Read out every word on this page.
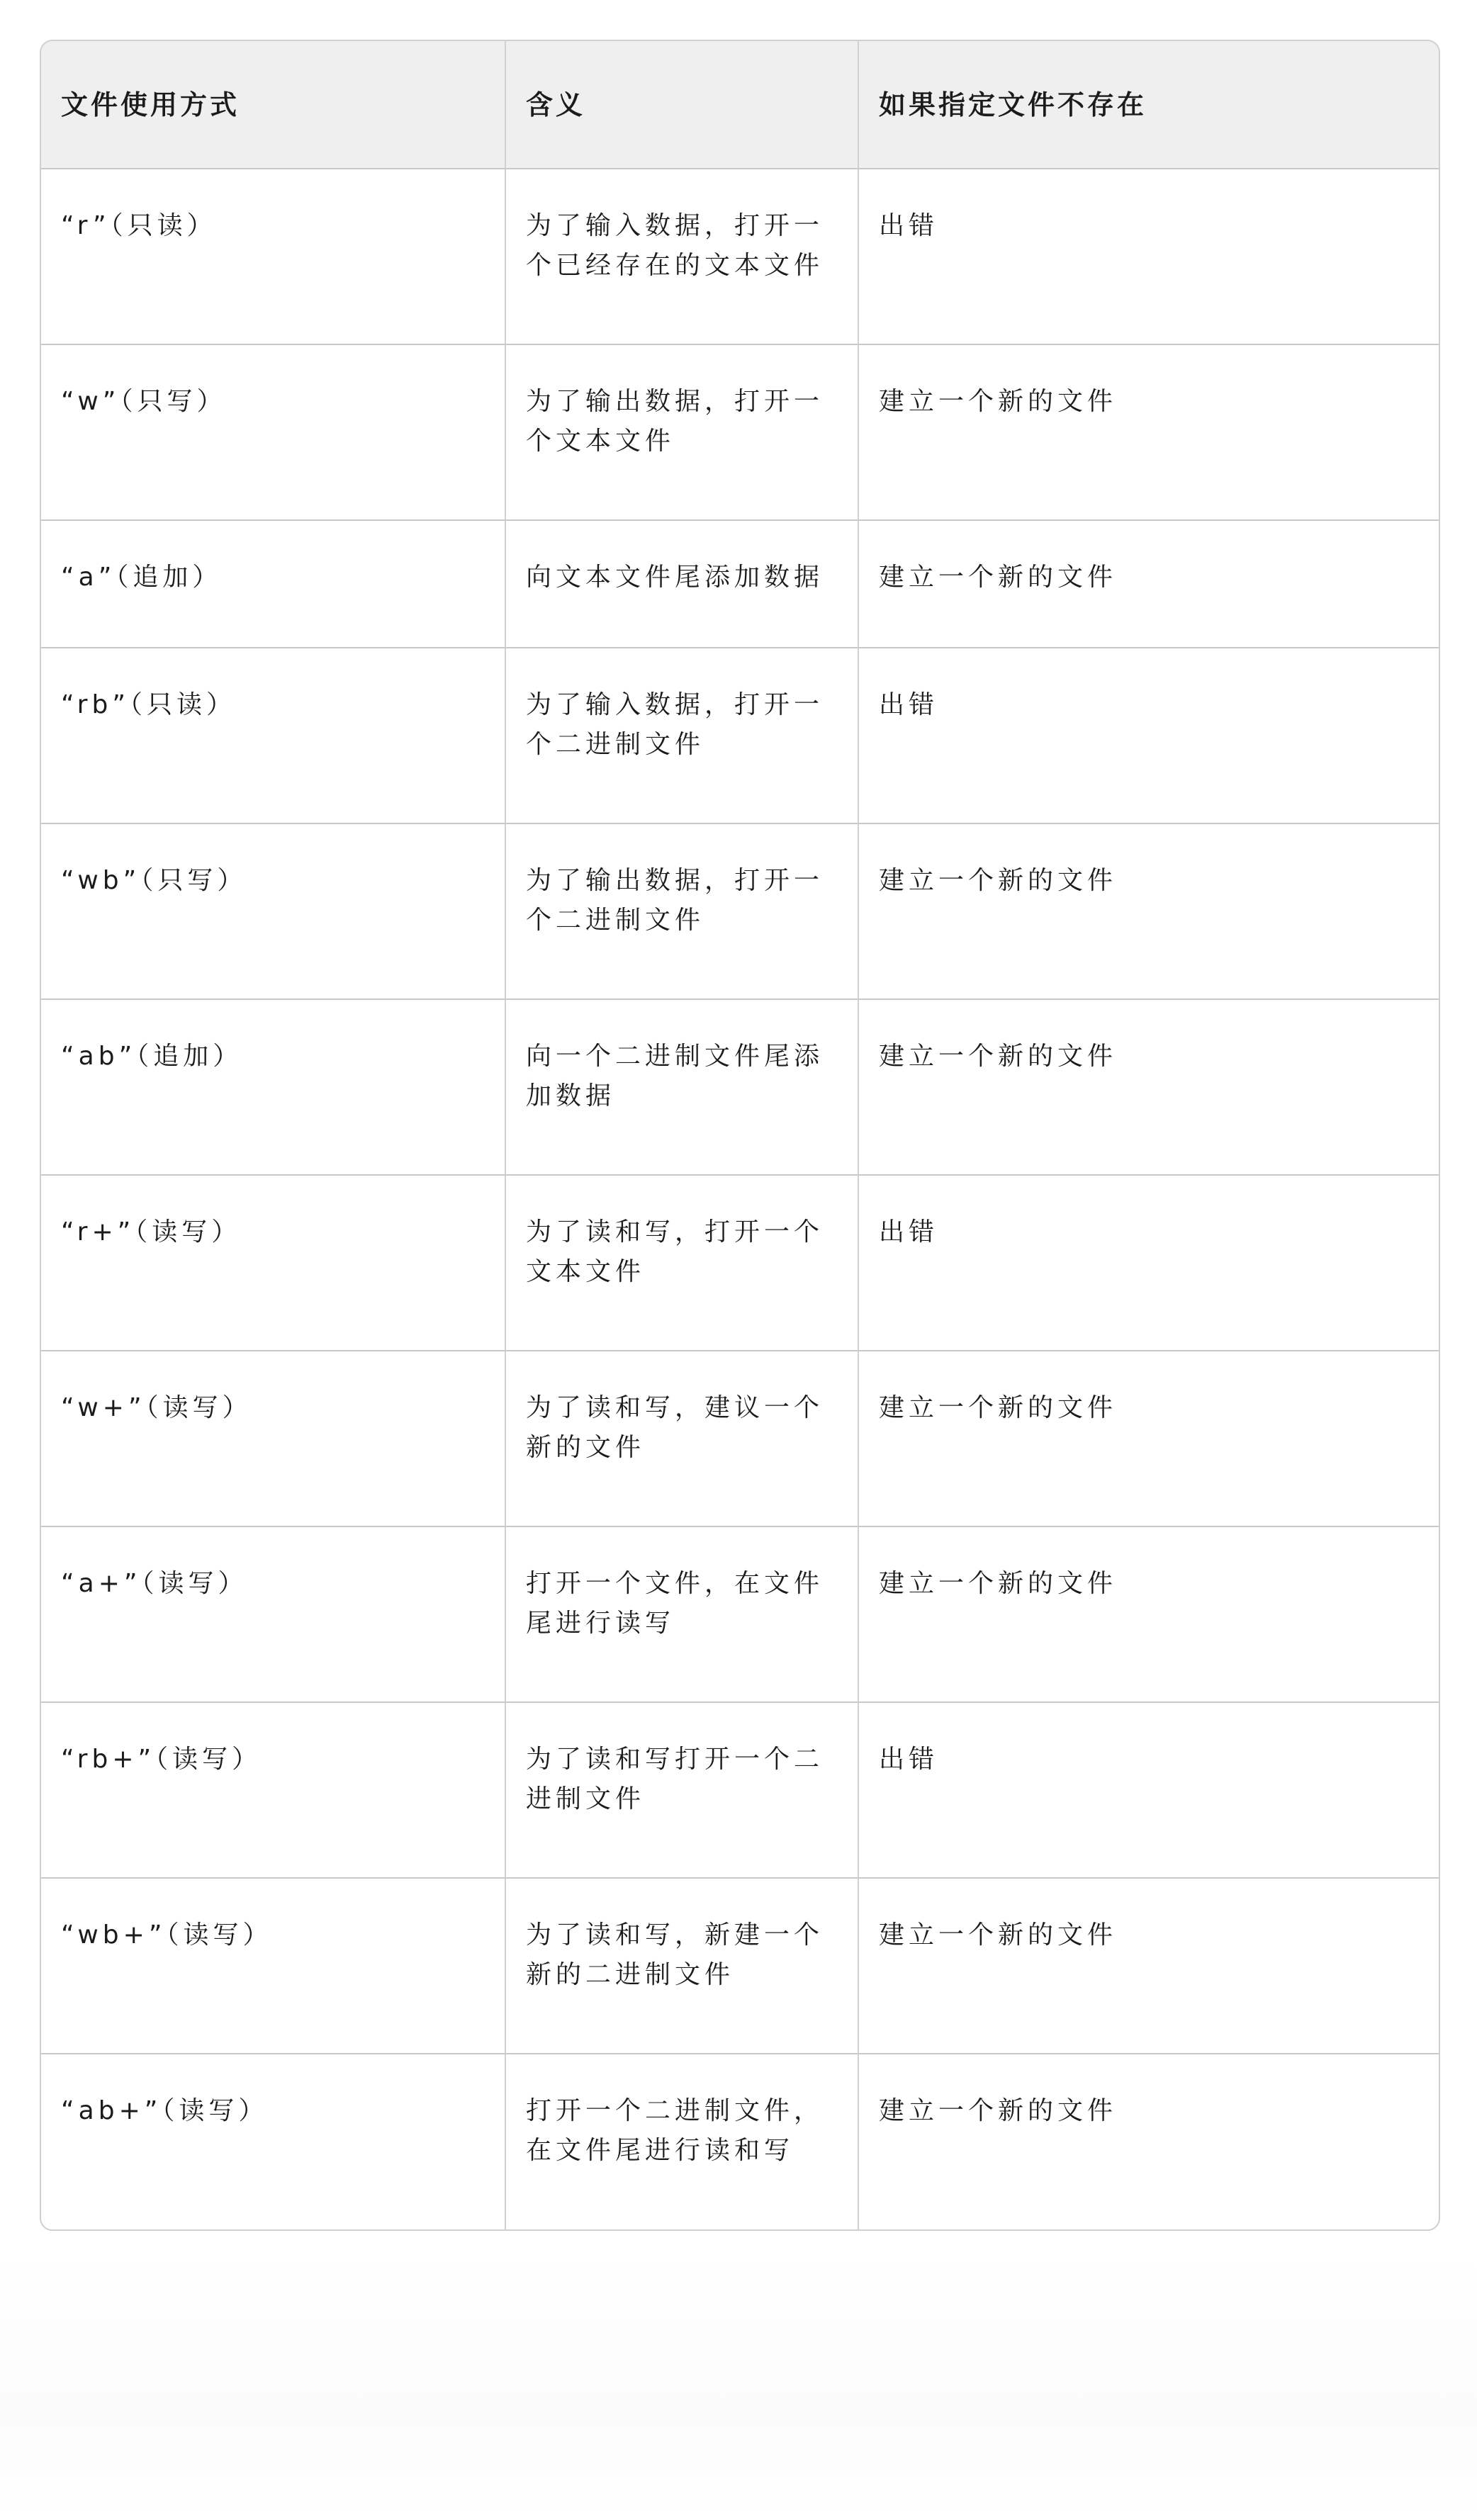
文件使用方式	含义	如果指定文件不存在
“r”（只读）	为了输入数据，打开一个已经存在的文本文件	出错
“w”（只写）	为了输出数据，打开一个文本文件	建立一个新的文件
“a”（追加）	向文本文件尾添加数据	建立一个新的文件
“rb”（只读）	为了输入数据，打开一个二进制文件	出错
“wb”（只写）	为了输出数据，打开一个二进制文件	建立一个新的文件
“ab”（追加）	向一个二进制文件尾添加数据	建立一个新的文件
“r+”（读写）	为了读和写，打开一个文本文件	出错
“w+”（读写）	为了读和写，建议一个新的文件	建立一个新的文件
“a+”（读写）	打开一个文件，在文件尾进行读写	建立一个新的文件
“rb+”（读写）	为了读和写打开一个二进制文件	出错
“wb+”（读写）	为了读和写，新建一个新的二进制文件	建立一个新的文件
“ab+”（读写）	打开一个二进制文件，在文件尾进行读和写	建立一个新的文件
